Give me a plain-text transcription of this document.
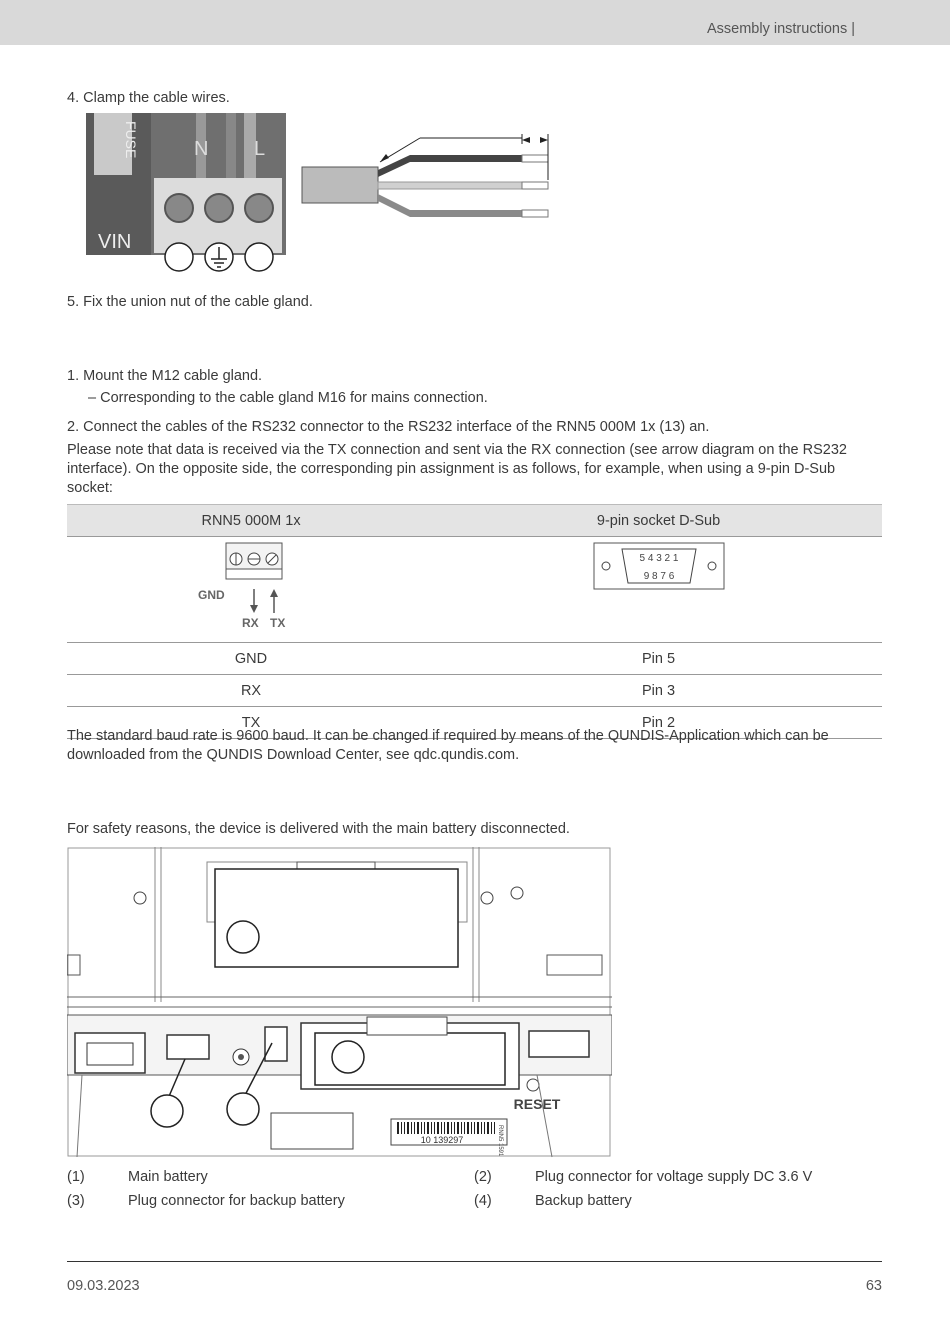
Assembly instructions |
4. Clamp the cable wires.
FUSE	N L
VIN
5. Fix the union nut of the cable gland.
1. Mount the M12 cable gland.
– Corresponding to the cable gland M16 for mains connection.
2. Connect the cables of the RS232 connector to the RS232 interface of the RNN5 000M 1x (13) an.
Please note that data is received via the TX connection and sent via the RX connection (see arrow diagram on the RS232 interface). On the opposite side, the corresponding pin assignment is as follows, for example, when using a 9-pin D-Sub socket:
RNN5 000M 1x	9-pin socket D-Sub

GND
RX TX	5 4 3 2 1
9 8 7 6

GND	Pin 5
RX	Pin 3
TX	Pin 2
The standard baud rate is 9600 baud. It can be changed if required by means of the QUNDIS-Application which can be downloaded from the QUNDIS Download Center, see qdc.qundis.com.
For safety reasons, the device is delivered with the main battery disconnected.
RESET
10 139297	RNN5 1591
(1)	Main battery	(2)	Plug connector for voltage supply DC 3.6 V
(3)	Plug connector for backup battery	(4)	Backup battery
09.03.2023	63
